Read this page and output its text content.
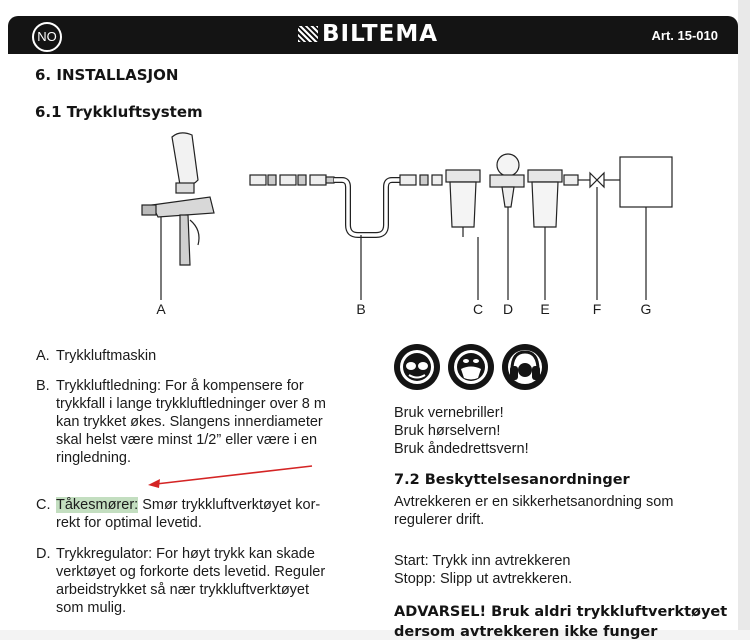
NO	BILTEMA	Art. 15-010
6. INSTALLASJON
6.1 Trykkluftsystem
A	B	C D E	F	G
A. Trykkluftmaskin
B. Trykkluftledning: For å kompensere for
trykkfall i lange trykkluftledninger over 8 m
kan trykket økes. Slangens innerdiameter
skal helst være minst 1/2” eller være i en
ringledning.
C. Tåkesmører: Smør trykkluftverktøyet kor-
rekt for optimal levetid.
D. Trykkregulator: For høyt trykk kan skade
verktøyet og forkorte dets levetid. Reguler
arbeidstrykket så nær trykkluftverktøyet
som mulig.
Bruk vernebriller!
Bruk hørselvern!
Bruk åndedrettsvern!
7.2 Beskyttelsesanordninger
Avtrekkeren er en sikkerhetsanordning som
regulerer drift.
Start: Trykk inn avtrekkeren
Stopp: Slipp ut avtrekkeren.
ADVARSEL! Bruk aldri trykkluftverktøyet
dersom avtrekkeren ikke funger
